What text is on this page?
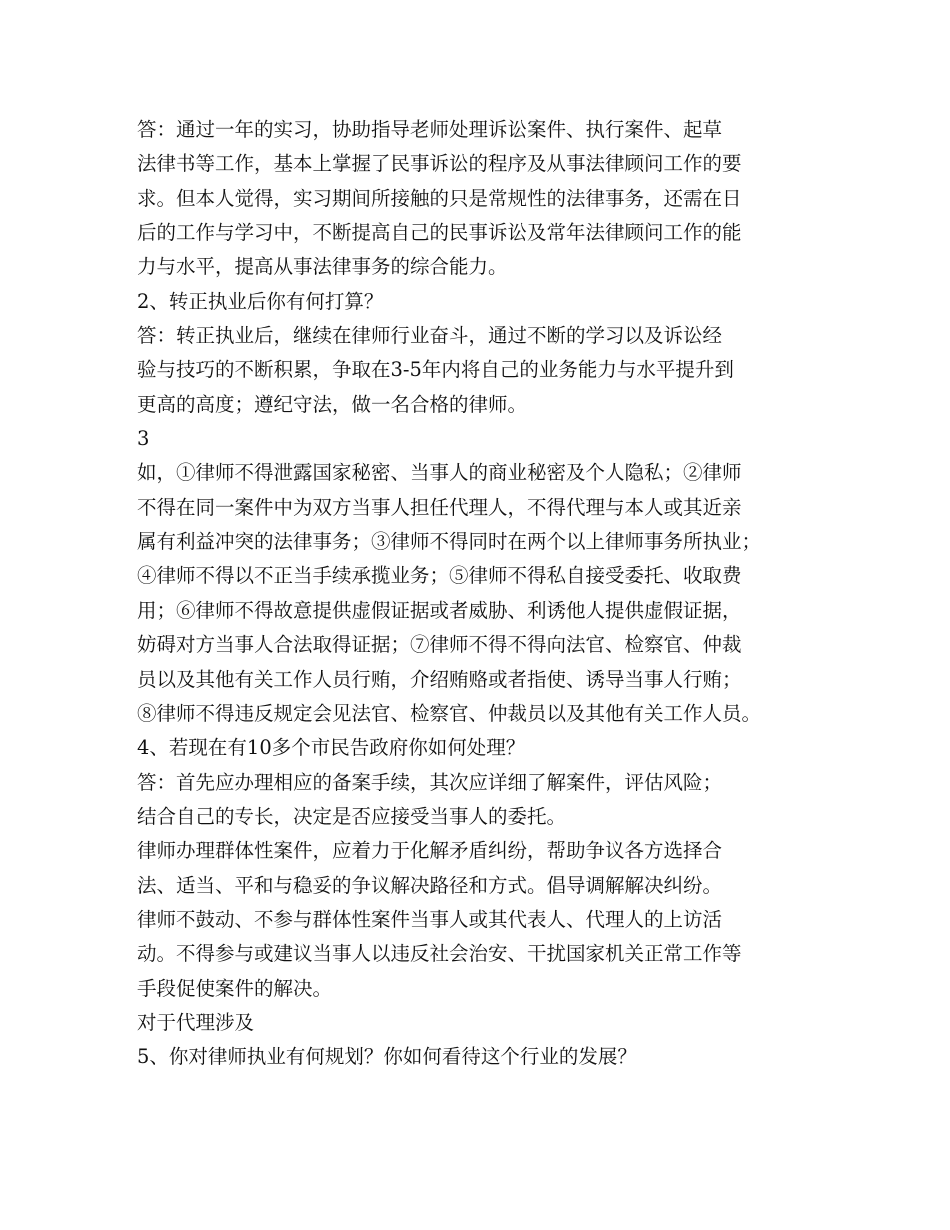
答：通过一年的实习，协助指导老师处理诉讼案件、执行案件、起草
法律书等工作，基本上掌握了民事诉讼的程序及从事法律顾问工作的要
求。但本人觉得，实习期间所接触的只是常规性的法律事务，还需在日
后的工作与学习中，不断提高自己的民事诉讼及常年法律顾问工作的能
力与水平，提高从事法律事务的综合能力。
2、转正执业后你有何打算？
答：转正执业后，继续在律师行业奋斗，通过不断的学习以及诉讼经
验与技巧的不断积累，争取在3-5年内将自己的业务能力与水平提升到
更高的高度；遵纪守法，做一名合格的律师。
3
如，①律师不得泄露国家秘密、当事人的商业秘密及个人隐私；②律师
不得在同一案件中为双方当事人担任代理人，不得代理与本人或其近亲
属有利益冲突的法律事务；③律师不得同时在两个以上律师事务所执业；
④律师不得以不正当手续承揽业务；⑤律师不得私自接受委托、收取费
用；⑥律师不得故意提供虚假证据或者威胁、利诱他人提供虚假证据，
妨碍对方当事人合法取得证据；⑦律师不得不得向法官、检察官、仲裁
员以及其他有关工作人员行贿，介绍贿赂或者指使、诱导当事人行贿；
⑧律师不得违反规定会见法官、检察官、仲裁员以及其他有关工作人员。
4、若现在有10多个市民告政府你如何处理？
答：首先应办理相应的备案手续，其次应详细了解案件，评估风险；
结合自己的专长，决定是否应接受当事人的委托。
律师办理群体性案件，应着力于化解矛盾纠纷，帮助争议各方选择合
法、适当、平和与稳妥的争议解决路径和方式。倡导调解解决纠纷。
律师不鼓动、不参与群体性案件当事人或其代表人、代理人的上访活
动。不得参与或建议当事人以违反社会治安、干扰国家机关正常工作等
手段促使案件的解决。
对于代理涉及
5、你对律师执业有何规划？你如何看待这个行业的发展？
